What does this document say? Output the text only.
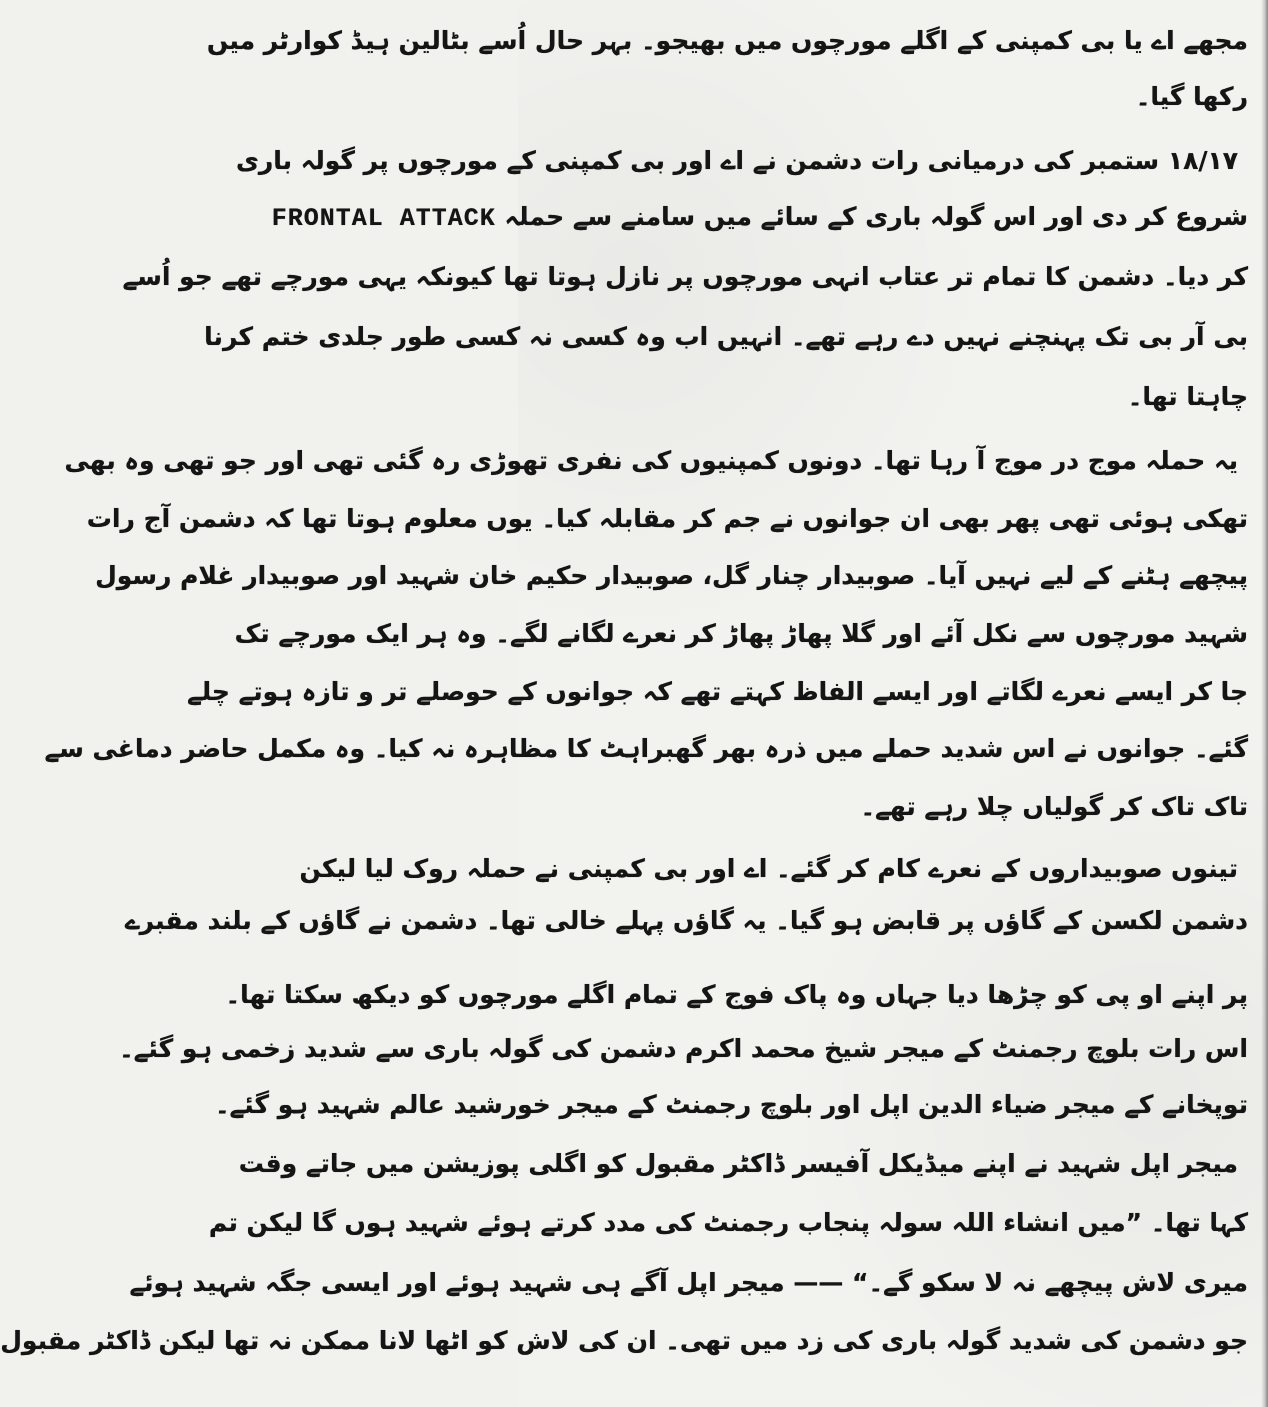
مجھے اے یا بی کمپنی کے اگلے مورچوں میں بھیجو۔ بہر حال اُسے بٹالین ہیڈ کوارٹر میں
رکھا گیا۔
۱۸/۱۷ ستمبر کی درمیانی رات دشمن نے اے اور بی کمپنی کے مورچوں پر گولہ باری
شروع کر دی اور اس گولہ باری کے سائے میں سامنے سے حملہ FRONTAL ATTACK
کر دیا۔ دشمن کا تمام تر عتاب انہی مورچوں پر نازل ہوتا تھا کیونکہ یہی مورچے تھے جو اُسے
بی آر بی تک پہنچنے نہیں دے رہے تھے۔ انہیں اب وہ کسی نہ کسی طور جلدی ختم کرنا
چاہتا تھا۔
یہ حملہ موج در موج آ رہا تھا۔ دونوں کمپنیوں کی نفری تھوڑی رہ گئی تھی اور جو تھی وہ بھی
تھکی ہوئی تھی پھر بھی ان جوانوں نے جم کر مقابلہ کیا۔ یوں معلوم ہوتا تھا کہ دشمن آج رات
پیچھے ہٹنے کے لیے نہیں آیا۔ صوبیدار چنار گل، صوبیدار حکیم خان شہید اور صوبیدار غلام رسول
شہید مورچوں سے نکل آئے اور گلا پھاڑ پھاڑ کر نعرے لگانے لگے۔ وہ ہر ایک مورچے تک
جا کر ایسے نعرے لگاتے اور ایسے الفاظ کہتے تھے کہ جوانوں کے حوصلے تر و تازہ ہوتے چلے
گئے۔ جوانوں نے اس شدید حملے میں ذرہ بھر گھبراہٹ کا مظاہرہ نہ کیا۔ وہ مکمل حاضر دماغی سے
تاک تاک کر گولیاں چلا رہے تھے۔
تینوں صوبیداروں کے نعرے کام کر گئے۔ اے اور بی کمپنی نے حملہ روک لیا لیکن
دشمن لکسن کے گاؤں پر قابض ہو گیا۔ یہ گاؤں پہلے خالی تھا۔ دشمن نے گاؤں کے بلند مقبرے
پر اپنے او پی کو چڑھا دیا جہاں وہ پاک فوج کے تمام اگلے مورچوں کو دیکھ سکتا تھا۔
اس رات بلوچ رجمنٹ کے میجر شیخ محمد اکرم دشمن کی گولہ باری سے شدید زخمی ہو گئے۔
توپخانے کے میجر ضیاء الدین اپل اور بلوچ رجمنٹ کے میجر خورشید عالم شہید ہو گئے۔
میجر اپل شہید نے اپنے میڈیکل آفیسر ڈاکٹر مقبول کو اگلی پوزیشن میں جاتے وقت
کہا تھا۔ ”میں انشاء اللہ سولہ پنجاب رجمنٹ کی مدد کرتے ہوئے شہید ہوں گا لیکن تم
میری لاش پیچھے نہ لا سکو گے۔“ —— میجر اپل آگے ہی شہید ہوئے اور ایسی جگہ شہید ہوئے
جو دشمن کی شدید گولہ باری کی زد میں تھی۔ ان کی لاش کو اٹھا لانا ممکن نہ تھا لیکن ڈاکٹر مقبول
